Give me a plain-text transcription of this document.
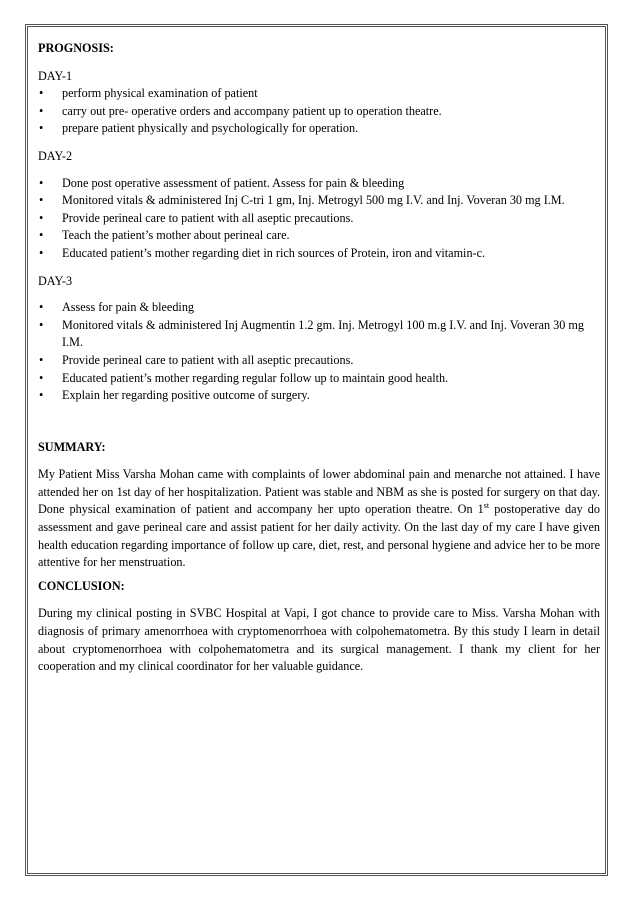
PROGNOSIS:

DAY-1

• perform physical examination of patient
• carry out pre- operative orders and accompany patient up to operation theatre.
• prepare patient physically and psychologically for operation.

DAY-2

• Done post operative assessment of patient. Assess for pain & bleeding
• Monitored vitals & administered Inj C-tri 1 gm, Inj. Metrogyl 500 mg I.V. and Inj. Voveran 30 mg I.M.
• Provide perineal care to patient with all aseptic precautions.
• Teach the patient’s mother about perineal care.
• Educated patient’s mother regarding diet in rich sources of Protein, iron and vitamin-c.

DAY-3

• Assess for pain & bleeding
• Monitored vitals & administered Inj Augmentin 1.2 gm. Inj. Metrogyl 100 m.g I.V. and Inj. Voveran 30 mg I.M.
• Provide perineal care to patient with all aseptic precautions.
• Educated patient’s mother regarding regular follow up to maintain good health.
• Explain her regarding positive outcome of surgery.

SUMMARY:

My Patient Miss Varsha Mohan came with complaints of lower abdominal pain and menarche not attained. I have attended her on 1st day of her hospitalization. Patient was stable and NBM as she is posted for surgery on that day. Done physical examination of patient and accompany her upto operation theatre. On 1st postoperative day do assessment and gave perineal care and assist patient for her daily activity. On the last day of my care I have given health education regarding importance of follow up care, diet, rest, and personal hygiene and advice her to be more attentive for her menstruation.

CONCLUSION:

During my clinical posting in SVBC Hospital at Vapi, I got chance to provide care to Miss. Varsha Mohan with diagnosis of primary amenorrhoea with cryptomenorrhoea with colpohematometra. By this study I learn in detail about cryptomenorrhoea with colpohematometra and its surgical management. I thank my client for her cooperation and my clinical coordinator for her valuable guidance.
